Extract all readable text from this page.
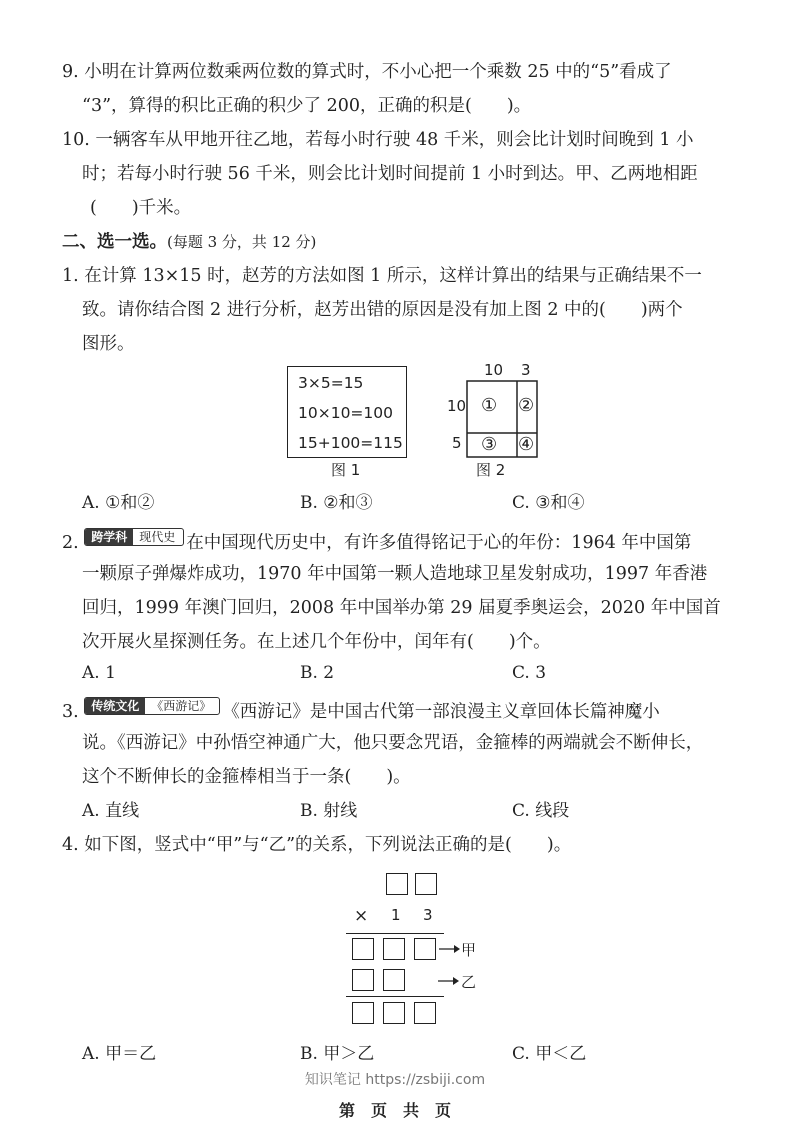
9. 小明在计算两位数乘两位数的算式时，不小心把一个乘数 25 中的“5”看成了
“3”，算得的积比正确的积少了 200，正确的积是(　　)。
10. 一辆客车从甲地开往乙地，若每小时行驶 48 千米，则会比计划时间晚到 1 小
时；若每小时行驶 56 千米，则会比计划时间提前 1 小时到达。甲、乙两地相距
(　　)千米。
二、选一选。(每题 3 分，共 12 分)
1. 在计算 13×15 时，赵芳的方法如图 1 所示，这样计算出的结果与正确结果不一
致。请你结合图 2 进行分析，赵芳出错的原因是没有加上图 2 中的(　　)两个
图形。
3×5=15
10×10=100
15+100=115
图 1
10 3
10
5
① ②
③ ④
图 2
A. ①和②	B. ②和③	C. ③和④
2. 跨学科 现代史 在中国现代历史中，有许多值得铭记于心的年份：1964 年中国第
一颗原子弹爆炸成功，1970 年中国第一颗人造地球卫星发射成功，1997 年香港
回归，1999 年澳门回归，2008 年中国举办第 29 届夏季奥运会，2020 年中国首
次开展火星探测任务。在上述几个年份中，闰年有(　　)个。
A. 1	B. 2	C. 3
3. 传统文化 《西游记》 《西游记》是中国古代第一部浪漫主义章回体长篇神魔小
说。《西游记》中孙悟空神通广大，他只要念咒语，金箍棒的两端就会不断伸长，
这个不断伸长的金箍棒相当于一条(　　)。
A. 直线	B. 射线	C. 线段
4. 如下图，竖式中“甲”与“乙”的关系，下列说法正确的是(　　)。
× 1 3
甲
乙
A. 甲＝乙	B. 甲＞乙	C. 甲＜乙
知识笔记 https://zsbiji.com
第　页　共　页
